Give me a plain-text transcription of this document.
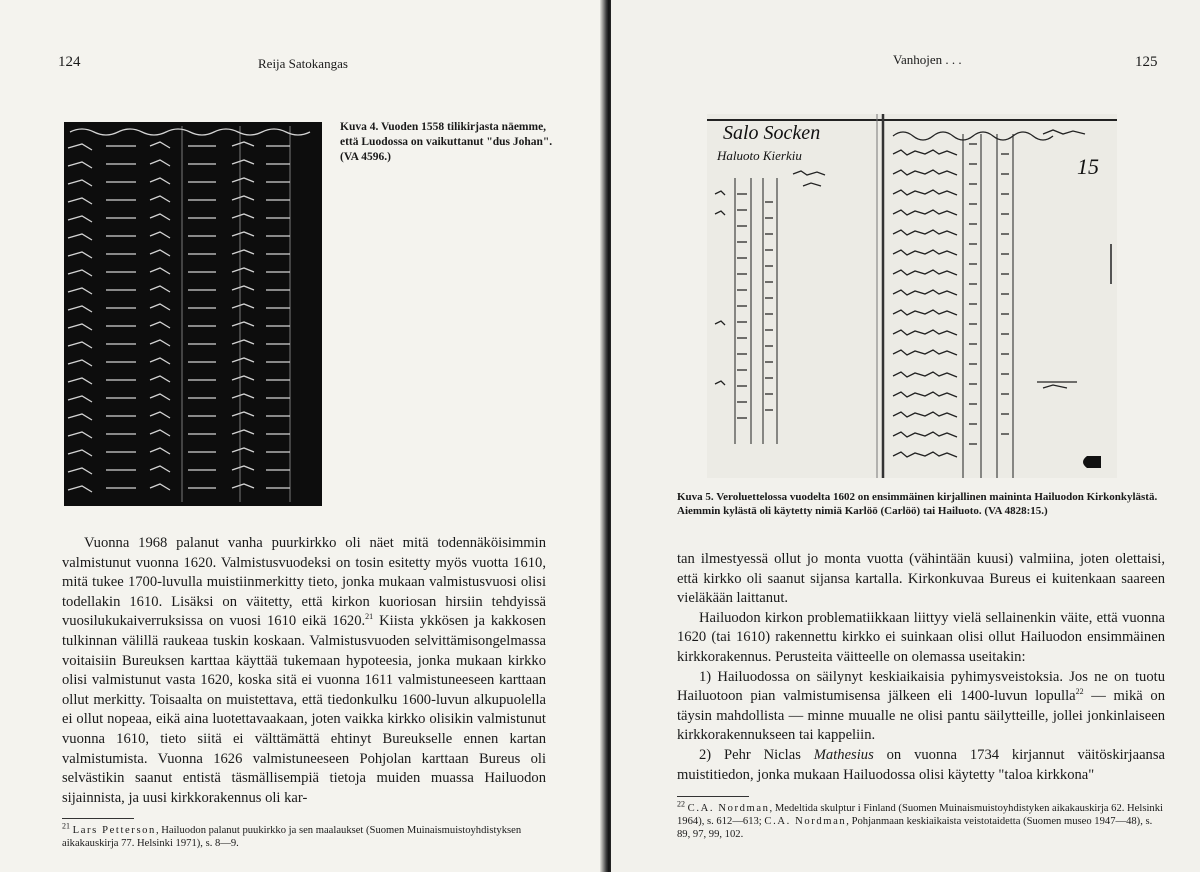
124	Reija Satokangas
Kuva 4. Vuoden 1558 tilikirjasta näemme, että Luodossa on vaikuttanut "dus Johan". (VA 4596.)

Vuonna 1968 palanut vanha puurkirkko oli näet mitä todennäköisimmin valmistunut vuonna 1620. Valmistusvuodeksi on tosin esitetty myös vuotta 1610, mitä tukee 1700-luvulla muistiinmerkitty tieto, jonka mukaan valmistusvuosi olisi todellakin 1610. Lisäksi on väitetty, että kirkon kuoriosan hirsiin tehdyissä vuosilukukaiverruksissa on vuosi 1610 eikä 1620.21 Kiista ykkösen ja kakkosen tulkinnan välillä raukeaa tuskin koskaan. Valmistusvuoden selvittämisongelmassa voitaisiin Bureuksen karttaa käyttää tukemaan hypoteesia, jonka mukaan kirkko olisi valmistunut vasta 1620, koska sitä ei vuonna 1611 valmistuneeseen karttaan ollut merkitty. Toisaalta on muistettava, että tiedonkulku 1600-luvun alkupuolella ei ollut nopeaa, eikä aina luotettavaakaan, joten vaikka kirkko olisikin valmistunut vuonna 1610, tieto siitä ei välttämättä ehtinyt Bureukselle ennen kartan valmistumista. Vuonna 1626 valmistuneeseen Pohjolan karttaan Bureus oli selvästikin saanut entistä täsmällisempiä tietoja muiden muassa Hailuodon sijainnista, ja uusi kirkkorakennus oli kar-

$^{21}$ Lars Petterson, Hailuodon palanut puukirkko ja sen maalaukset (Suomen Muinaismuistoyhdistyksen aikakauskirja 77. Helsinki 1971), s. 8—9.
Vanhojen . . .	125
Salo Socken
Haluoto Kierkiu	15
Kuva 5. Veroluettelossa vuodelta 1602 on ensimmäinen kirjallinen maininta Hailuodon Kirkonkylästä. Aiemmin kylästä oli käytetty nimiä Karlöö (Carlöö) tai Hailuoto. (VA 4828:15.)

tan ilmestyessä ollut jo monta vuotta (vähintään kuusi) valmiina, joten olettaisi, että kirkko oli saanut sijansa kartalla. Kirkonkuvaa Bureus ei kuitenkaan saareen vieläkään laittanut.

Hailuodon kirkon problematiikkaan liittyy vielä sellainenkin väite, että vuonna 1620 (tai 1610) rakennettu kirkko ei suinkaan olisi ollut Hailuodon ensimmäinen kirkkorakennus. Perusteita väitteelle on olemassa useitakin:

1) Hailuodossa on säilynyt keskiaikaisia pyhimysveistoksia. Jos ne on tuotu Hailuotoon pian valmistumisensa jälkeen eli 1400-luvun lopulla$^{22}$ — mikä on täysin mahdollista — minne muualle ne olisi pantu säilytteille, jollei jonkinlaiseen kirkkorakennukseen tai kappeliin.

2) Pehr Niclas Mathesius on vuonna 1734 kirjannut väitöskirjaansa muistitiedon, jonka mukaan Hailuodossa olisi käytetty "taloa kirkkona"

$^{22}$ C.A. Nordman, Medeltida skulptur i Finland (Suomen Muinaismuistoyhdistyken aikakauskirja 62. Helsinki 1964), s. 612—613; C.A. Nordman, Pohjanmaan keskiaikaista veistotaidetta (Suomen museo 1947—48), s. 89, 97, 99, 102.
